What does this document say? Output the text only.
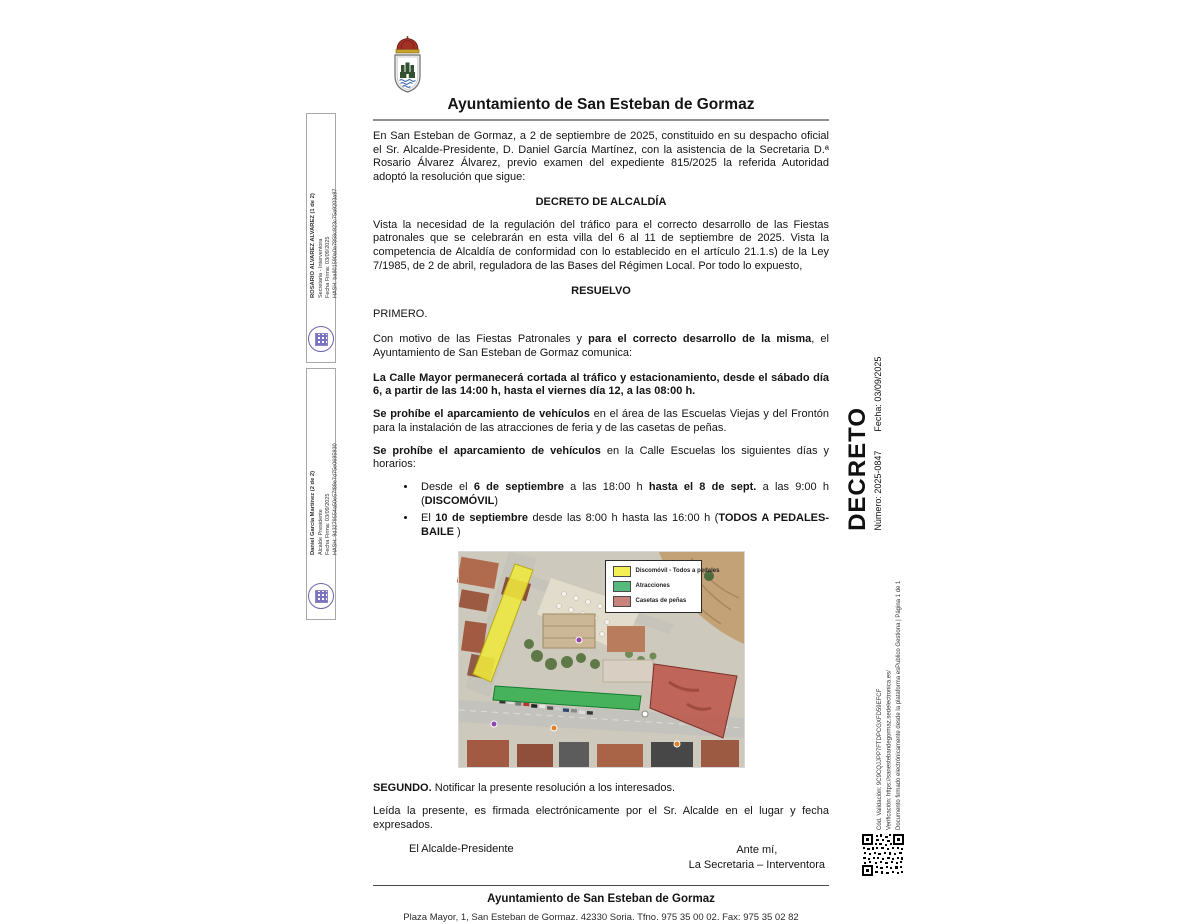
Ayuntamiento de San Esteban de Gormaz

En San Esteban de Gormaz, a 2 de septiembre de 2025, constituido en su despacho oficial el Sr. Alcalde-Presidente, D. Daniel García Martínez, con la asistencia de la Secretaria D.ª Rosario Álvarez Álvarez, previo examen del expediente 815/2025 la referida Autoridad adoptó la resolución que sigue:

DECRETO DE ALCALDÍA

Vista la necesidad de la regulación del tráfico para el correcto desarrollo de las Fiestas patronales que se celebrarán en esta villa del 6 al 11 de septiembre de 2025. Vista la competencia de Alcaldía de conformidad con lo establecido en el artículo 21.1.s) de la Ley 7/1985, de 2 de abril, reguladora de las Bases del Régimen Local. Por todo lo expuesto,

RESUELVO

PRIMERO.

Con motivo de las Fiestas Patronales y para el correcto desarrollo de la misma, el Ayuntamiento de San Esteban de Gormaz comunica:

La Calle Mayor permanecerá cortada al tráfico y estacionamiento, desde el sábado día 6, a partir de las 14:00 h, hasta el viernes día 12, a las 08:00 h.

Se prohíbe el aparcamiento de vehículos en el área de las Escuelas Viejas y del Frontón para la instalación de las atracciones de feria y de las casetas de peñas.

Se prohíbe el aparcamiento de vehículos en la Calle Escuelas los siguientes días y horarios:

• Desde el 6 de septiembre a las 18:00 h hasta el 8 de sept. a las 9:00 h (DISCOMÓVIL)
• El 10 de septiembre desde las 8:00 h hasta las 16:00 h (TODOS A PEDALES-BAILE )
Discomóvil - Todos a pedales
Atracciones
Casetas de peñas

SEGUNDO. Notificar la presente resolución a los interesados.

Leída la presente, es firmada electrónicamente por el Sr. Alcalde en el lugar y fecha expresados.

El Alcalde-Presidente	Ante mí,
La Secretaria – Interventora
Ayuntamiento de San Esteban de Gormaz
Plaza Mayor, 1, San Esteban de Gormaz. 42330 Soria. Tfno. 975 35 00 02. Fax: 975 35 02 82
ROSARIO ALVAREZ ALVAREZ (1 de 2) Secretaria - Interventora Fecha Firma: 03/09/2025 HASH: ba801590a0a7858c923c75a9203a97
Daniel García Martínez (2 de 2) Alcalde Presidente Fecha Firma: 03/09/2025 HASH: 9d3279554a50e57f89e7d75e0695930	DECRETO Número: 2025-0847 Fecha: 03/09/2025
Cód. Validación: 9C9CQJJPP7FTDPCGXFD59EFCF Verificación: https://sanestebandegormaz.sedelectronica.es/ Documento firmado electrónicamente desde la plataforma esPublico Gestiona | Página 1 de 1
